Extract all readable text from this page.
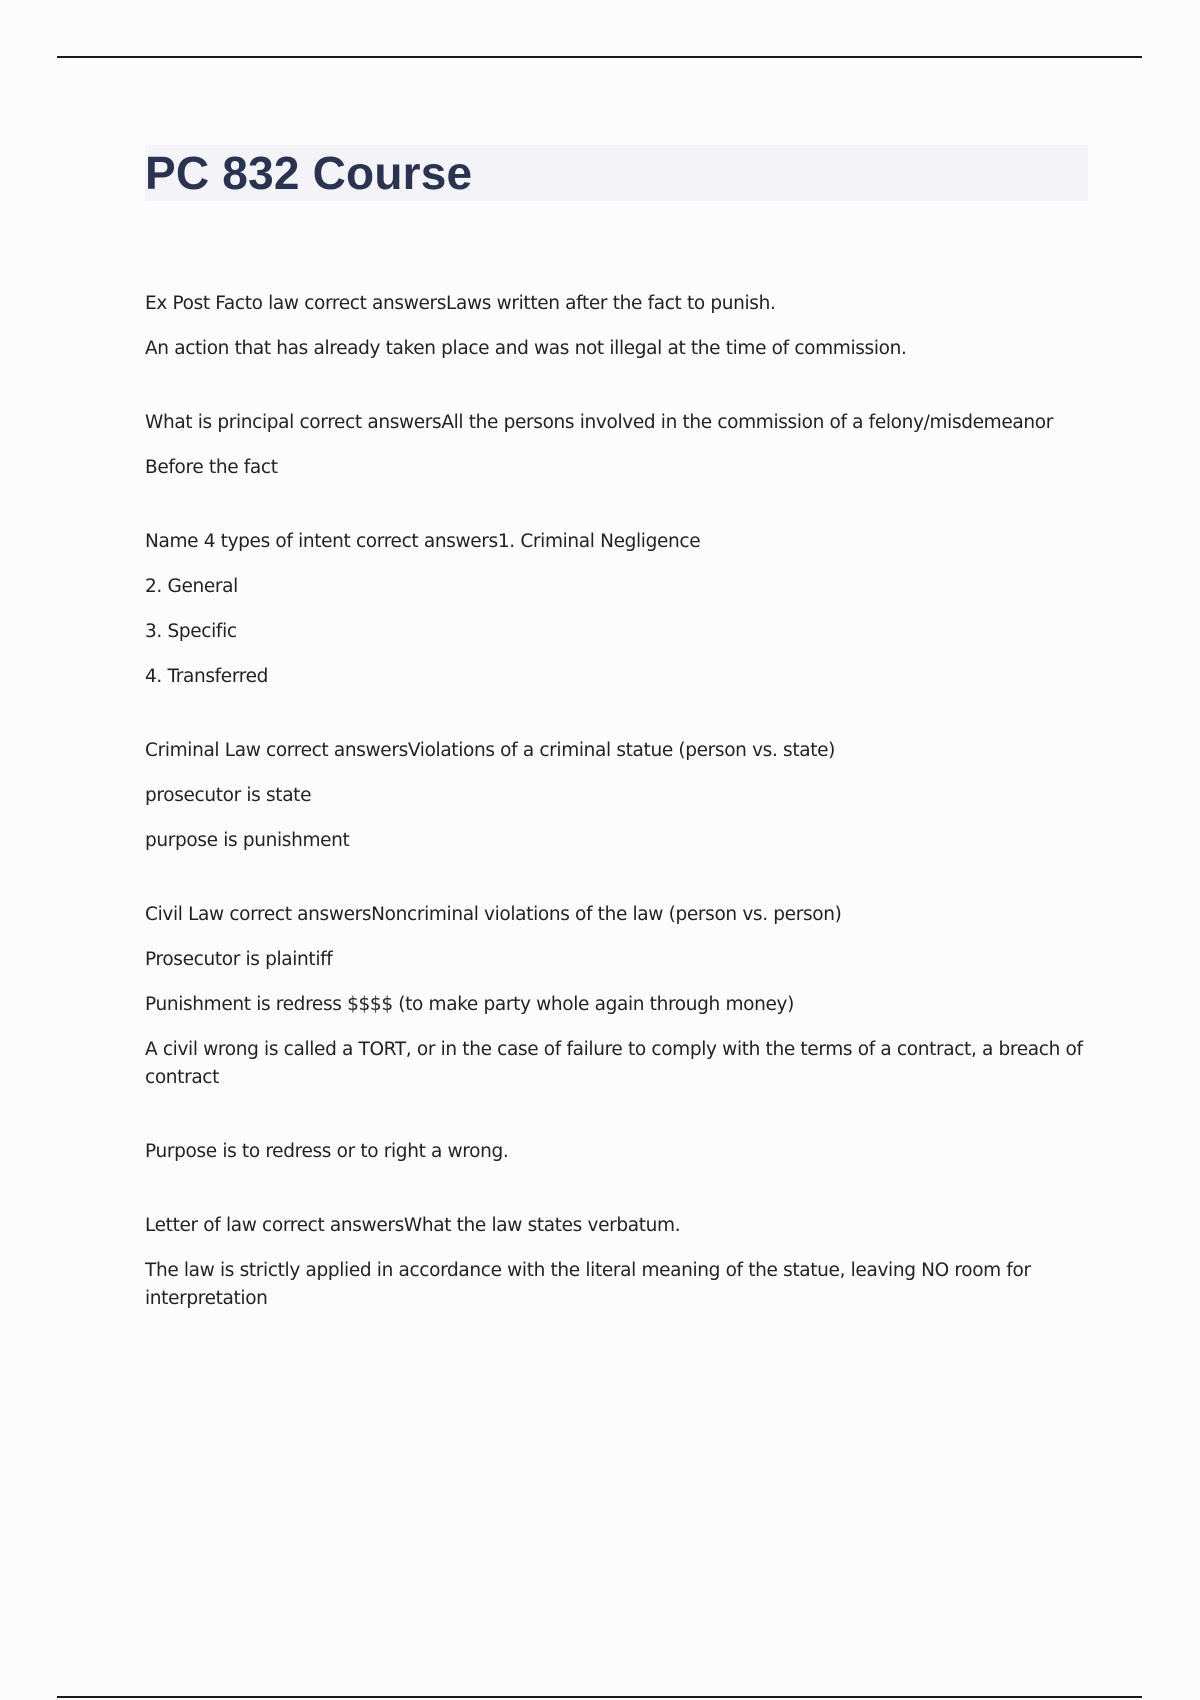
PC 832 Course

Ex Post Facto law correct answersLaws written after the fact to punish.

An action that has already taken place and was not illegal at the time of commission.

What is principal correct answersAll the persons involved in the commission of a felony/misdemeanor

Before the fact

Name 4 types of intent correct answers1. Criminal Negligence

2. General

3. Specific

4. Transferred

Criminal Law correct answersViolations of a criminal statue (person vs. state)

prosecutor is state

purpose is punishment

Civil Law correct answersNoncriminal violations of the law (person vs. person)

Prosecutor is plaintiff

Punishment is redress $$$$ (to make party whole again through money)

A civil wrong is called a TORT, or in the case of failure to comply with the terms of a contract, a breach of contract

Purpose is to redress or to right a wrong.

Letter of law correct answersWhat the law states verbatum.

The law is strictly applied in accordance with the literal meaning of the statue, leaving NO room for interpretation
